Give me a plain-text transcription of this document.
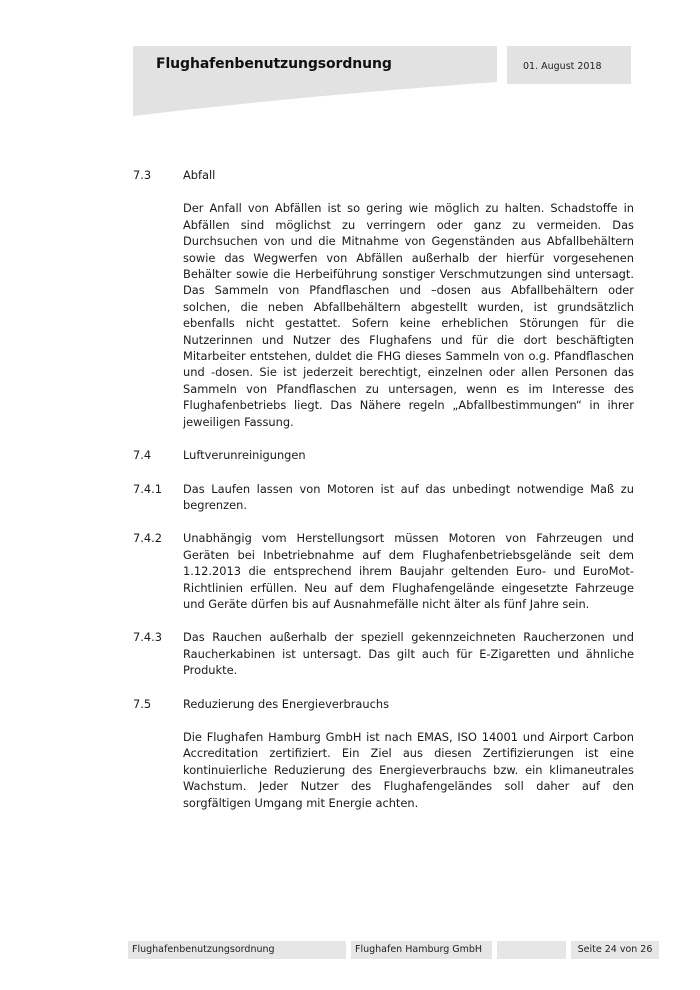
Flughafenbenutzungsordnung	01. August 2018
7.3	Abfall
Der Anfall von Abfällen ist so gering wie möglich zu halten. Schadstoffe in Abfällen sind möglichst zu verringern oder ganz zu vermeiden. Das Durchsuchen von und die Mitnahme von Gegenständen aus Abfallbehältern sowie das Wegwerfen von Abfällen außerhalb der hierfür vorgesehenen Behälter sowie die Herbeiführung sonstiger Verschmutzungen sind untersagt. Das Sammeln von Pfandflaschen und –dosen aus Abfallbehältern oder solchen, die neben Abfallbehältern abgestellt wurden, ist grundsätzlich ebenfalls nicht gestattet. Sofern keine erheblichen Störungen für die Nutzerinnen und Nutzer des Flughafens und für die dort beschäftigten Mitarbeiter entstehen, duldet die FHG dieses Sammeln von o.g. Pfandflaschen und -dosen. Sie ist jederzeit berechtigt, einzelnen oder allen Personen das Sammeln von Pfandflaschen zu untersagen, wenn es im Interesse des Flughafenbetriebs liegt. Das Nähere regeln „Abfallbestimmungen“ in ihrer jeweiligen Fassung.
7.4	Luftverunreinigungen
7.4.1	Das Laufen lassen von Motoren ist auf das unbedingt notwendige Maß zu begrenzen.
7.4.2	Unabhängig vom Herstellungsort müssen Motoren von Fahrzeugen und Geräten bei Inbetriebnahme auf dem Flughafenbetriebsgelände seit dem 1.12.2013 die entsprechend ihrem Baujahr geltenden Euro- und EuroMot-Richtlinien erfüllen. Neu auf dem Flughafengelände eingesetzte Fahrzeuge und Geräte dürfen bis auf Ausnahmefälle nicht älter als fünf Jahre sein.
7.4.3	Das Rauchen außerhalb der speziell gekennzeichneten Raucherzonen und Raucherkabinen ist untersagt. Das gilt auch für E-Zigaretten und ähnliche Produkte.
7.5	Reduzierung des Energieverbrauchs
Die Flughafen Hamburg GmbH ist nach EMAS, ISO 14001 und Airport Carbon Accreditation zertifiziert. Ein Ziel aus diesen Zertifizierungen ist eine kontinuierliche Reduzierung des Energieverbrauchs bzw. ein klimaneutrales Wachstum. Jeder Nutzer des Flughafengeländes soll daher auf den sorgfältigen Umgang mit Energie achten.
Flughafenbenutzungsordnung	Flughafen Hamburg GmbH	Seite 24 von 26
